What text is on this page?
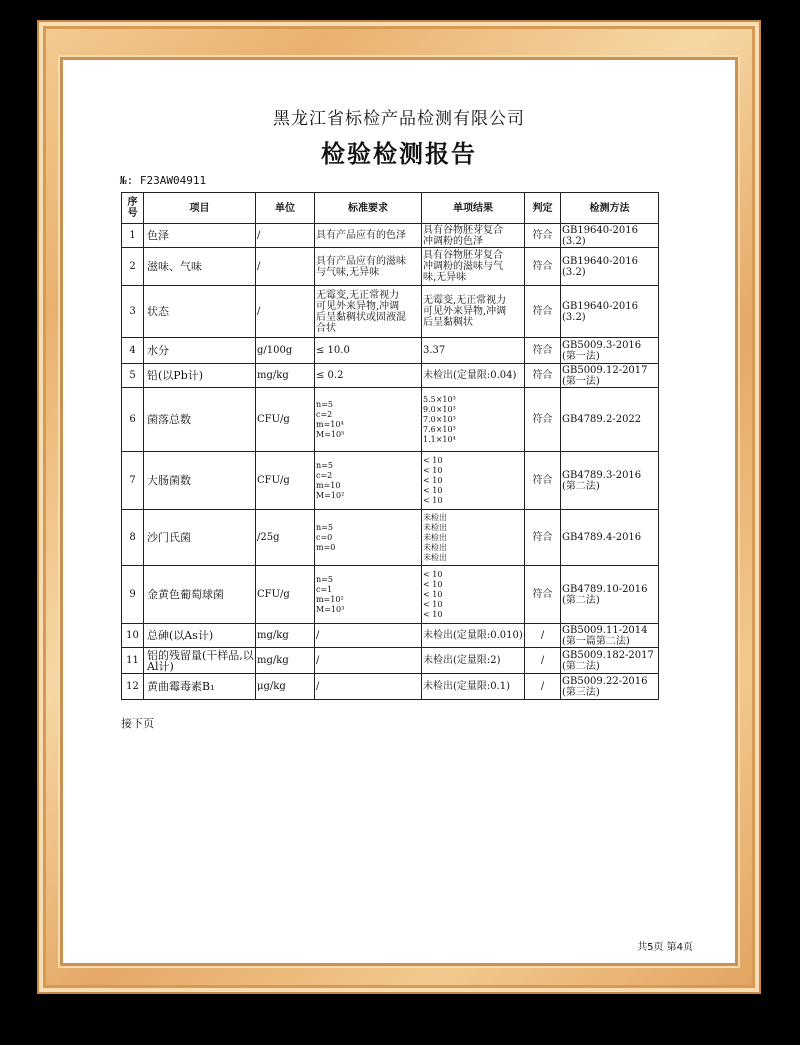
黑龙江省标检产品检测有限公司
检验检测报告
№: F23AW04911
序号	项目	单位	标准要求	单项结果	判定	检测方法
1	色泽	/	具有产品应有的色泽	具有谷物胚芽复合
冲调粉的色泽	符合	GB19640-2016
(3.2)

2	滋味、气味	/	具有产品应有的滋味
与气味,无异味	具有谷物胚芽复合
冲调粉的滋味与气
味,无异味	符合	GB19640-2016
(3.2)

3	状态	/	无霉变,无正常视力
可见外来异物,冲调
后呈黏稠状或固液混
合状	无霉变,无正常视力
可见外来异物,冲调
后呈黏稠状	符合	GB19640-2016
(3.2)

4	水分	g/100g	≤ 10.0	3.37	符合	GB5009.3-2016
(第一法)

5	铅(以Pb计)	mg/kg	≤ 0.2	未检出(定量限:0.04)	符合	GB5009.12-2017
(第一法)

6	菌落总数	CFU/g	n=5
c=2
m=10⁴
M=10⁵	5.5×10³
9.0×10³
7.0×10³
7.6×10³
1.1×10⁴	符合	GB4789.2-2022

7	大肠菌数	CFU/g	n=5
c=2
m=10
M=10²	< 10
< 10
< 10
< 10
< 10	符合	GB4789.3-2016
(第二法)

8	沙门氏菌	/25g	n=5
c=0
m=0	未检出
未检出
未检出
未检出
未检出	符合	GB4789.4-2016

9	金黄色葡萄球菌	CFU/g	n=5
c=1
m=10²
M=10³	< 10
< 10
< 10
< 10
< 10	符合	GB4789.10-2016
(第二法)

10	总砷(以As计)	mg/kg	/	未检出(定量限:0.010)	/	GB5009.11-2014
(第一篇第二法)

11	铝的残留量(干样品,以Al计)	mg/kg	/	未检出(定量限:2)	/	GB5009.182-2017
(第二法)

12	黄曲霉毒素B₁	μg/kg	/	未检出(定量限:0.1)	/	GB5009.22-2016
(第三法)
接下页
共5页 第4页
